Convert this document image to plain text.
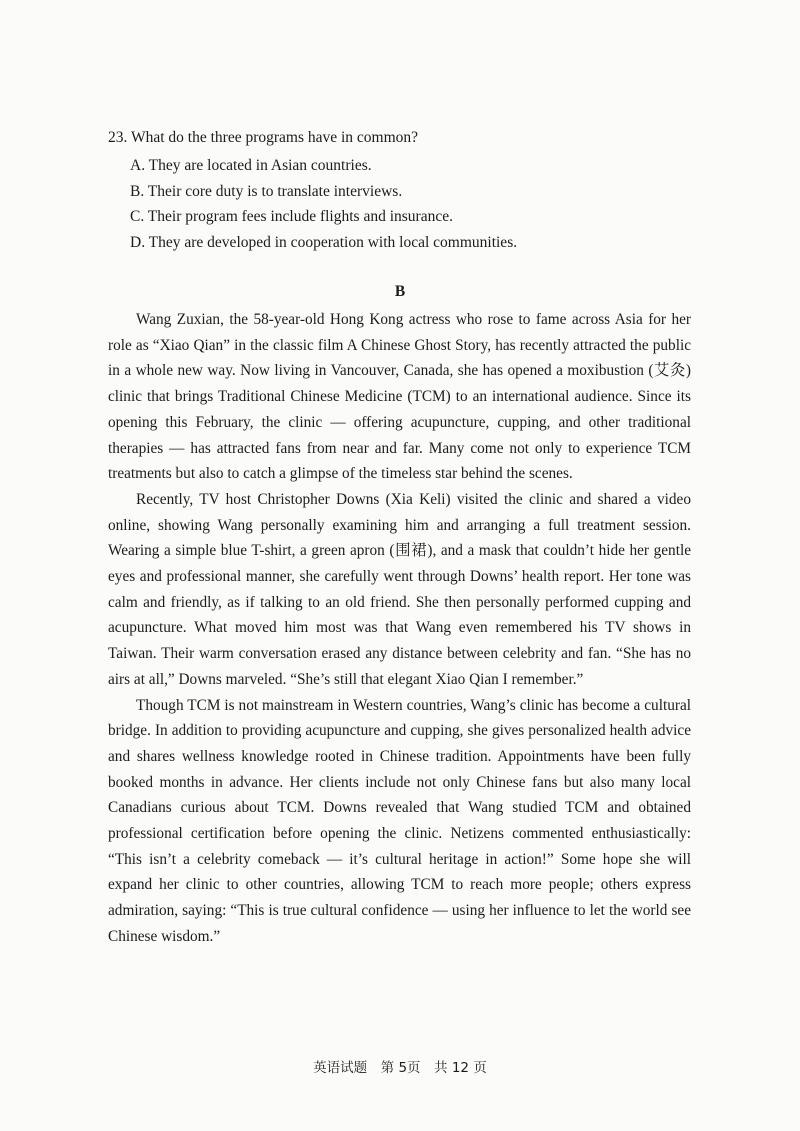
23. What do the three programs have in common?
A. They are located in Asian countries.
B. Their core duty is to translate interviews.
C. Their program fees include flights and insurance.
D. They are developed in cooperation with local communities.
B

Wang Zuxian, the 58-year-old Hong Kong actress who rose to fame across Asia for her role as “Xiao Qian” in the classic film A Chinese Ghost Story, has recently attracted the public in a whole new way. Now living in Vancouver, Canada, she has opened a moxibustion (艾灸) clinic that brings Traditional Chinese Medicine (TCM) to an international audience. Since its opening this February, the clinic — offering acupuncture, cupping, and other traditional therapies — has attracted fans from near and far. Many come not only to experience TCM treatments but also to catch a glimpse of the timeless star behind the scenes.

Recently, TV host Christopher Downs (Xia Keli) visited the clinic and shared a video online, showing Wang personally examining him and arranging a full treatment session. Wearing a simple blue T-shirt, a green apron (围裙), and a mask that couldn’t hide her gentle eyes and professional manner, she carefully went through Downs’ health report. Her tone was calm and friendly, as if talking to an old friend. She then personally performed cupping and acupuncture. What moved him most was that Wang even remembered his TV shows in Taiwan. Their warm conversation erased any distance between celebrity and fan. “She has no airs at all,” Downs marveled. “She’s still that elegant Xiao Qian I remember.”

Though TCM is not mainstream in Western countries, Wang’s clinic has become a cultural bridge. In addition to providing acupuncture and cupping, she gives personalized health advice and shares wellness knowledge rooted in Chinese tradition. Appointments have been fully booked months in advance. Her clients include not only Chinese fans but also many local Canadians curious about TCM. Downs revealed that Wang studied TCM and obtained professional certification before opening the clinic. Netizens commented enthusiastically: “This isn’t a celebrity comeback — it’s cultural heritage in action!” Some hope she will expand her clinic to other countries, allowing TCM to reach more people; others express admiration, saying: “This is true cultural confidence — using her influence to let the world see Chinese wisdom.”

英语试题　第 5页　共 12 页
